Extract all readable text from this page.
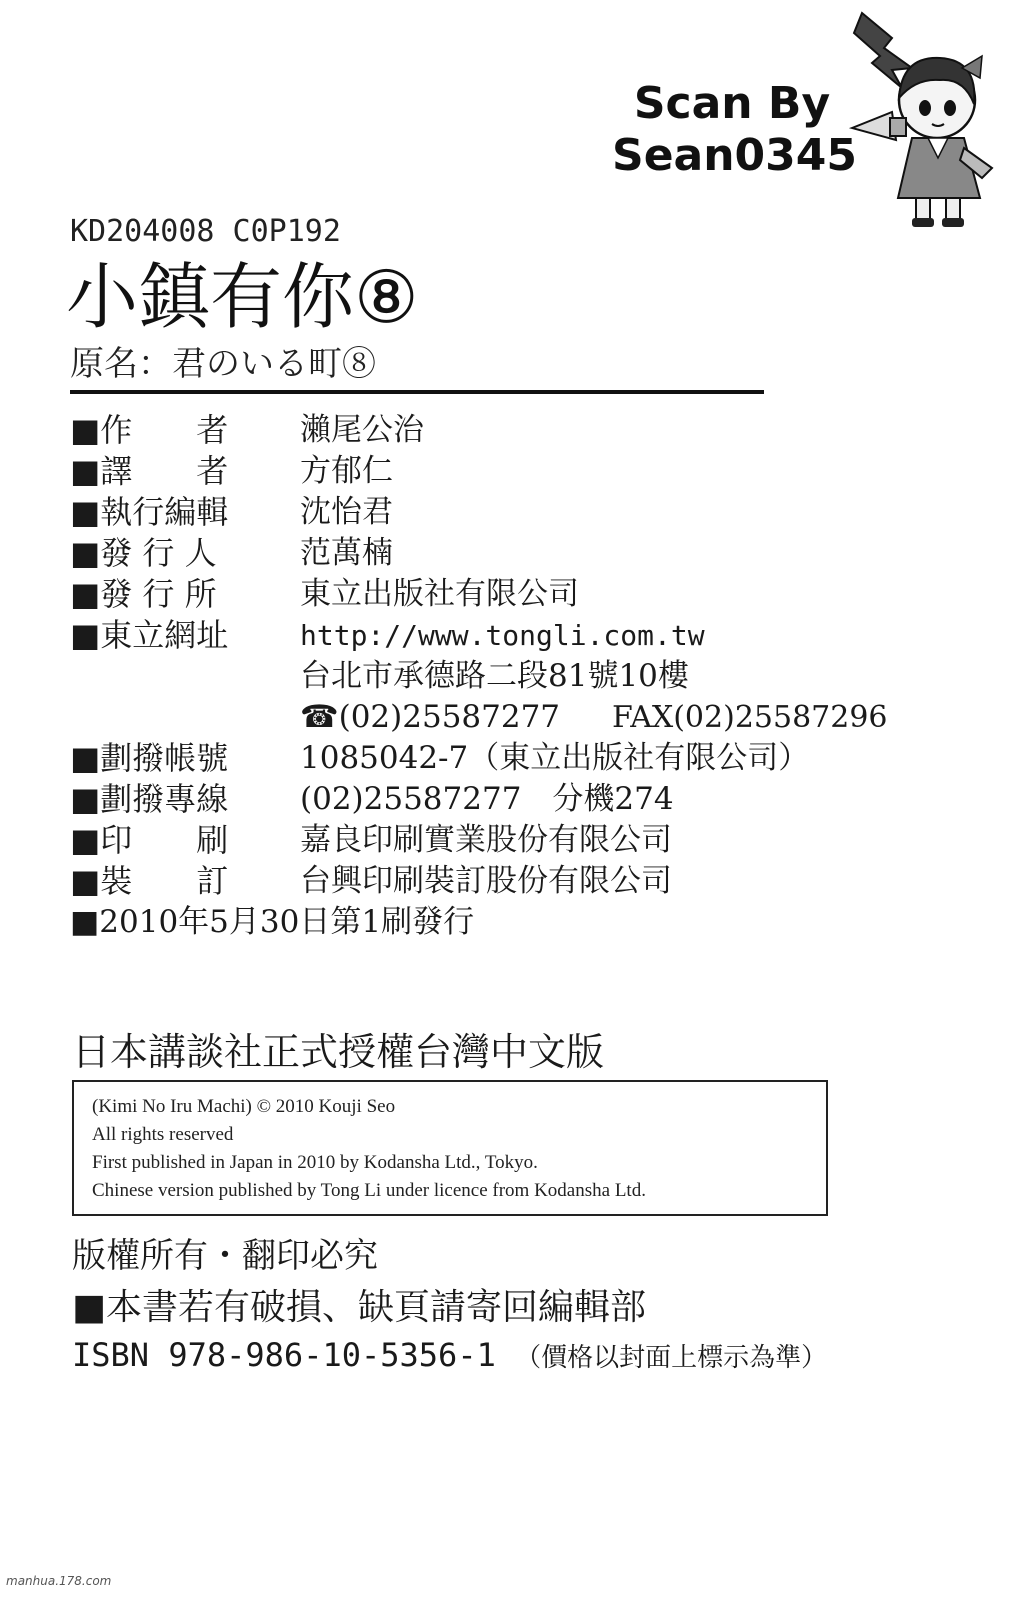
Scan By
Sean0345
KD204008 C0P192
小鎮有你⑧
原名：君のいる町⑧
■作　　者	瀨尾公治
■譯　　者	方郁仁
■執行編輯	沈怡君
■發 行 人	范萬楠
■發 行 所	東立出版社有限公司
■東立網址	http://www.tongli.com.tw
台北市承德路二段81號10樓
☎(02)25587277 FAX(02)25587296
■劃撥帳號	1085042-7（東立出版社有限公司）
■劃撥專線	(02)25587277　分機274
■印　　刷	嘉良印刷實業股份有限公司
■裝　　訂	台興印刷裝訂股份有限公司
■2010年5月30日第1刷發行
日本講談社正式授權台灣中文版
(Kimi No Iru Machi) © 2010 Kouji Seo
All rights reserved
First published in Japan in 2010 by Kodansha Ltd., Tokyo.
Chinese version published by Tong Li under licence from Kodansha Ltd.
版權所有・翻印必究
■本書若有破損、缺頁請寄回編輯部
ISBN 978-986-10-5356-1 （價格以封面上標示為準）
manhua.178.com
